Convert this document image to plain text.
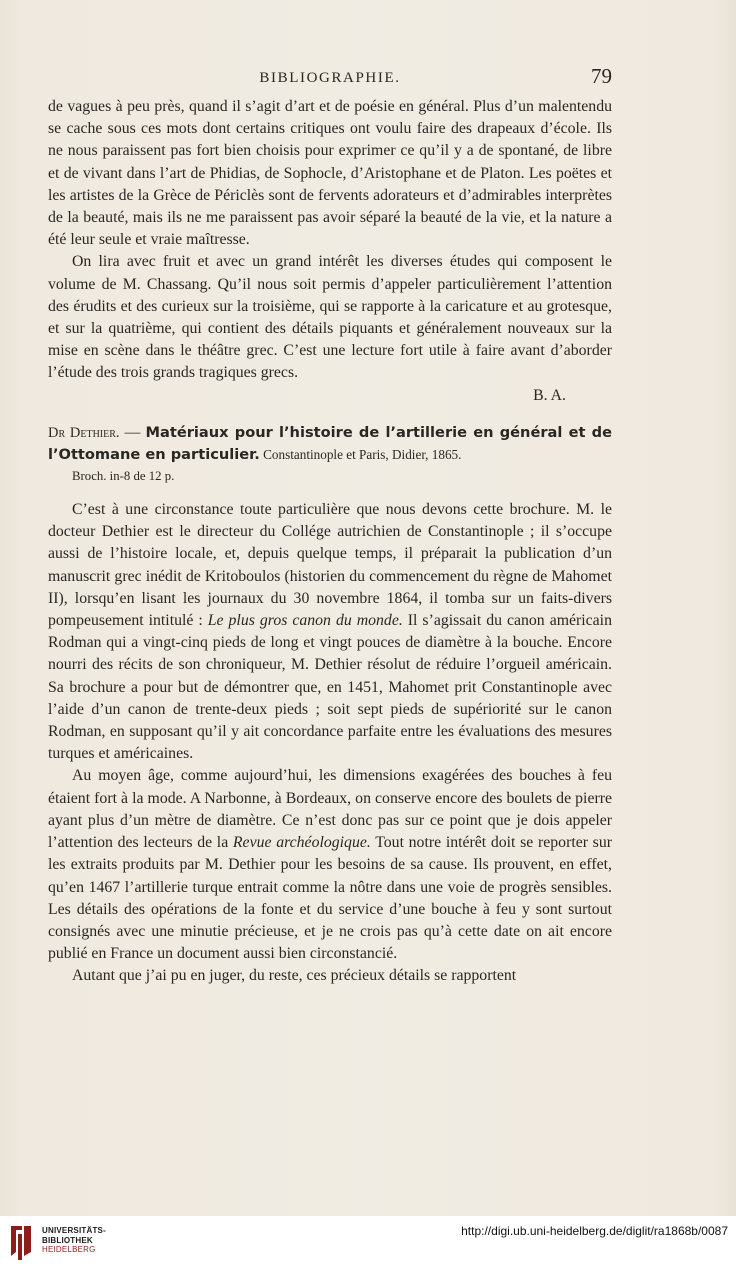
BIBLIOGRAPHIE.	79

de vagues à peu près, quand il s’agit d’art et de poésie en général. Plus d’un malentendu se cache sous ces mots dont certains critiques ont voulu faire des drapeaux d’école. Ils ne nous paraissent pas fort bien choisis pour exprimer ce qu’il y a de spontané, de libre et de vivant dans l’art de Phidias, de Sophocle, d’Aristophane et de Platon. Les poëtes et les artistes de la Grèce de Périclès sont de fervents adorateurs et d’admirables interprètes de la beauté, mais ils ne me paraissent pas avoir séparé la beauté de la vie, et la nature a été leur seule et vraie maîtresse.

On lira avec fruit et avec un grand intérêt les diverses études qui composent le volume de M. Chassang. Qu’il nous soit permis d’appeler particulièrement l’attention des érudits et des curieux sur la troisième, qui se rapporte à la caricature et au grotesque, et sur la quatrième, qui contient des détails piquants et généralement nouveaux sur la mise en scène dans le théâtre grec. C’est une lecture fort utile à faire avant d’aborder l’étude des trois grands tragiques grecs.

B. A.

Dr Dethier. — Matériaux pour l’histoire de l’artillerie en général et de l’Ottomane en particulier. Constantinople et Paris, Didier, 1865.

Broch. in-8 de 12 p.

C’est à une circonstance toute particulière que nous devons cette brochure. M. le docteur Dethier est le directeur du Collége autrichien de Constantinople ; il s’occupe aussi de l’histoire locale, et, depuis quelque temps, il préparait la publication d’un manuscrit grec inédit de Kritoboulos (historien du commencement du règne de Mahomet II), lorsqu’en lisant les journaux du 30 novembre 1864, il tomba sur un faits-divers pompeusement intitulé : Le plus gros canon du monde. Il s’agissait du canon américain Rodman qui a vingt-cinq pieds de long et vingt pouces de diamètre à la bouche. Encore nourri des récits de son chroniqueur, M. Dethier résolut de réduire l’orgueil américain. Sa brochure a pour but de démontrer que, en 1451, Mahomet prit Constantinople avec l’aide d’un canon de trente-deux pieds ; soit sept pieds de supériorité sur le canon Rodman, en supposant qu’il y ait concordance parfaite entre les évaluations des mesures turques et américaines.

Au moyen âge, comme aujourd’hui, les dimensions exagérées des bouches à feu étaient fort à la mode. A Narbonne, à Bordeaux, on conserve encore des boulets de pierre ayant plus d’un mètre de diamètre. Ce n’est donc pas sur ce point que je dois appeler l’attention des lecteurs de la Revue archéologique. Tout notre intérêt doit se reporter sur les extraits produits par M. Dethier pour les besoins de sa cause. Ils prouvent, en effet, qu’en 1467 l’artillerie turque entrait comme la nôtre dans une voie de progrès sensibles. Les détails des opérations de la fonte et du service d’une bouche à feu y sont surtout consignés avec une minutie précieuse, et je ne crois pas qu’à cette date on ait encore publié en France un document aussi bien circonstancié.

Autant que j’ai pu en juger, du reste, ces précieux détails se rapportent

UNIVERSITÄTS-
BIBLIOTHEK
HEIDELBERG
http://digi.ub.uni-heidelberg.de/diglit/ra1868b/0087
